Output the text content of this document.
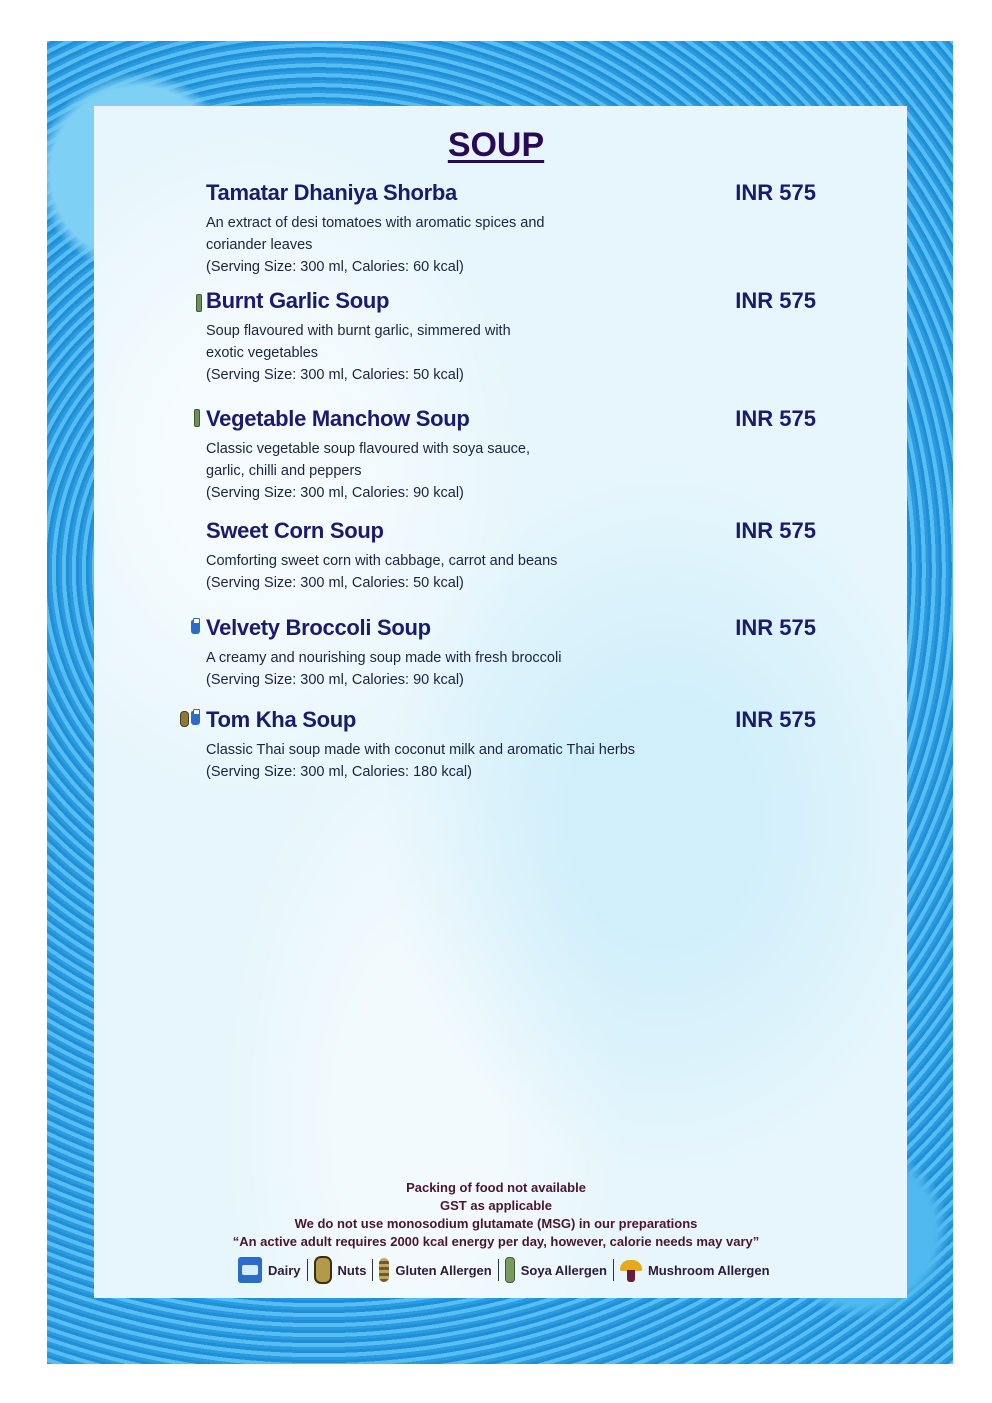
SOUP
Tamatar Dhaniya Shorba	INR 575
An extract of desi tomatoes with aromatic spices and
coriander leaves
(Serving Size: 300 ml, Calories: 60 kcal)
Burnt Garlic Soup	INR 575
Soup flavoured with burnt garlic, simmered with
exotic vegetables
(Serving Size: 300 ml, Calories: 50 kcal)
Vegetable Manchow Soup	INR 575
Classic vegetable soup flavoured with soya sauce,
garlic, chilli and peppers
(Serving Size: 300 ml, Calories: 90 kcal)
Sweet Corn Soup	INR 575
Comforting sweet corn with cabbage, carrot and beans
(Serving Size: 300 ml, Calories: 50 kcal)
Velvety Broccoli Soup	INR 575
A creamy and nourishing soup made with fresh broccoli
(Serving Size: 300 ml, Calories: 90 kcal)
Tom Kha Soup	INR 575
Classic Thai soup made with coconut milk and aromatic Thai herbs
(Serving Size: 300 ml, Calories: 180 kcal)
Packing of food not available
GST as applicable
We do not use monosodium glutamate (MSG) in our preparations
“An active adult requires 2000 kcal energy per day, however, calorie needs may vary”
Dairy	Nuts Gluten Allergen Soya Allergen	Mushroom Allergen
